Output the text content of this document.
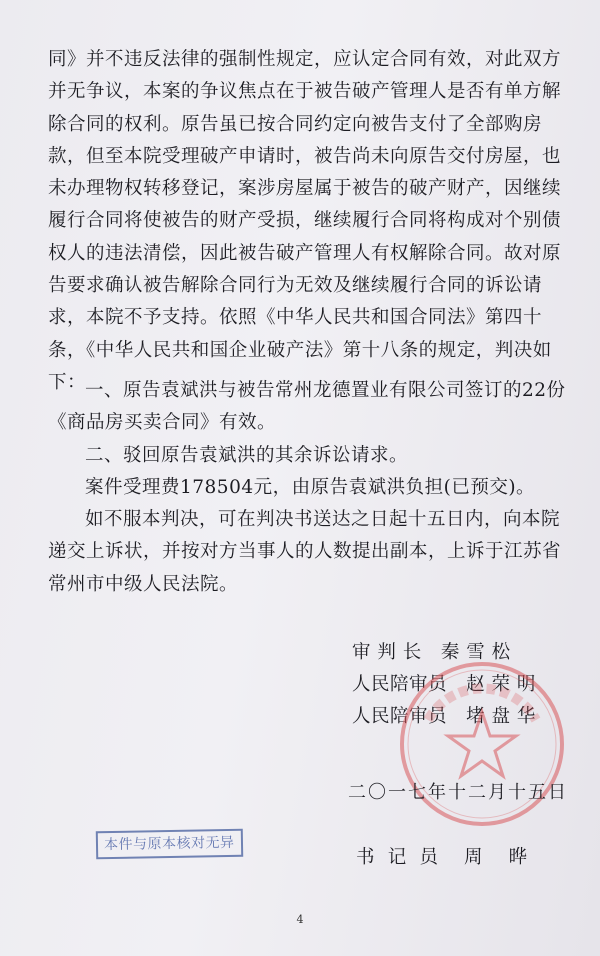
同》并不违反法律的强制性规定，应认定合同有效，对此双方并无争议，本案的争议焦点在于被告破产管理人是否有单方解除合同的权利。原告虽已按合同约定向被告支付了全部购房款，但至本院受理破产申请时，被告尚未向原告交付房屋，也未办理物权转移登记，案涉房屋属于被告的破产财产，因继续履行合同将使被告的财产受损，继续履行合同将构成对个别债权人的违法清偿，因此被告破产管理人有权解除合同。故对原告要求确认被告解除合同行为无效及继续履行合同的诉讼请求，本院不予支持。依照《中华人民共和国合同法》第四十条，《中华人民共和国企业破产法》第十八条的规定，判决如下：

一、原告袁斌洪与被告常州龙德置业有限公司签订的22份《商品房买卖合同》有效。

二、驳回原告袁斌洪的其余诉讼请求。

案件受理费178504元，由原告袁斌洪负担(已预交)。

如不服本判决，可在判决书送达之日起十五日内，向本院递交上诉状，并按对方当事人的人数提出副本，上诉于江苏省常州市中级人民法院。

审 判 长   秦 雪 松
人民陪审员   赵 荣 明
人民陪审员   堵 盘 华
二〇一七年十二月十五日
本件与原本核对无异
书  记  员    周    晔
4
